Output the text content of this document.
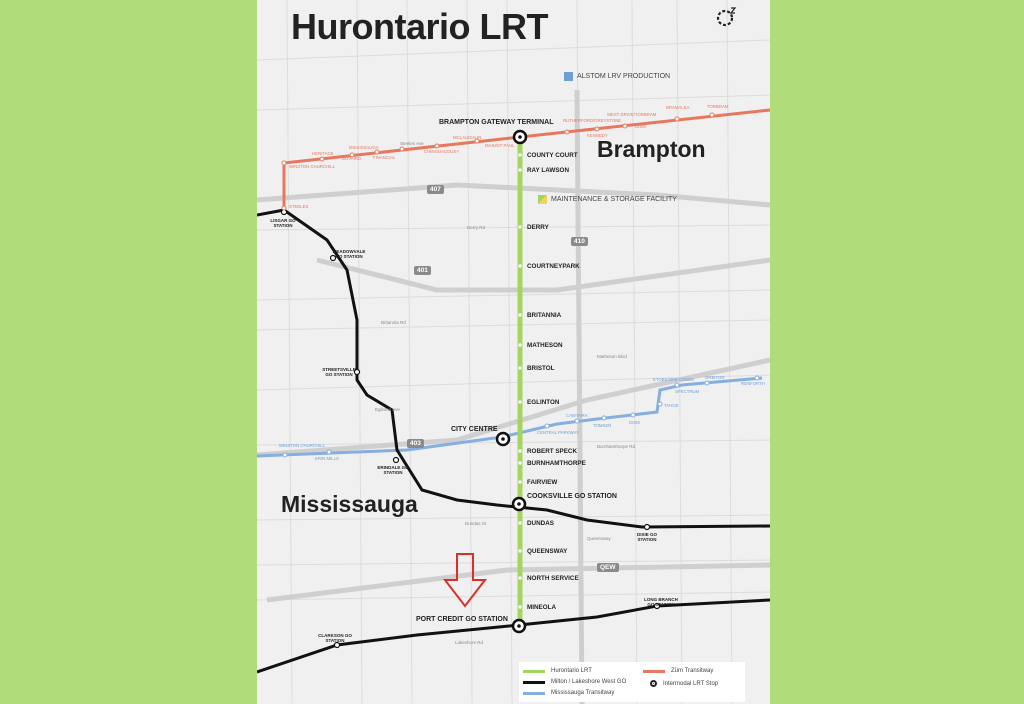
Hurontario LRT
ALSTOM LRV PRODUCTION
MAINTENANCE & STORAGE FACILITY
Brampton
Mississauga
BRAMPTON GATEWAY TERMINAL
COUNTY COURT
RAY LAWSON
DERRY
COURTNEYPARK
BRITANNIA
MATHESON
BRISTOL
EGLINTON
CITY CENTRE
ROBERT SPECK
BURNHAMTHORPE
FAIRVIEW
COOKSVILLE GO STATION
DUNDAS
QUEENSWAY
NORTH SERVICE
MINEOLA
PORT CREDIT GO STATION
LISGAR GO STATION
MEADOWVALE GO STATION
STREETSVILLE GO STATION
ERINDALE GO STATION
DIXIE GO STATION
LONG BRANCH GO STATION
CLARKSON GO STATION
WINSTON CHURCHILL
HERITAGE
BOVAIRD
MISSISSAUGA
FINANCIAL
CHINGUACOUSY
MCLAUGHLIN
MAIN/ST PAUL
RUTHERFORD/GREYSTONE
KENNEDY
WEST DRIVE/TORBRAM
DIXIE
BRAMALEA	TORBRAM
STEELES
WINSTON CHURCHILL
ERIN MILLS
CENTRAL PARKWAY
CAWTHRA
TOMKEN
DIXIE
TAHOE
SPECTRUM
ORBITOR
RENFORTH
ETOBICOKE CREEK
407
410
401
403
QEW
Steeles Ave
Derry Rd
Britannia Rd
Matheson Blvd
Eglinton Ave
Burnhamthorpe Rd
Dundas St
Queensway
Lakeshore Rd
Hurontario LRT
Milton / Lakeshore West GO
Mississauga Transitway
Züm Transitway
Intermodal LRT Stop
